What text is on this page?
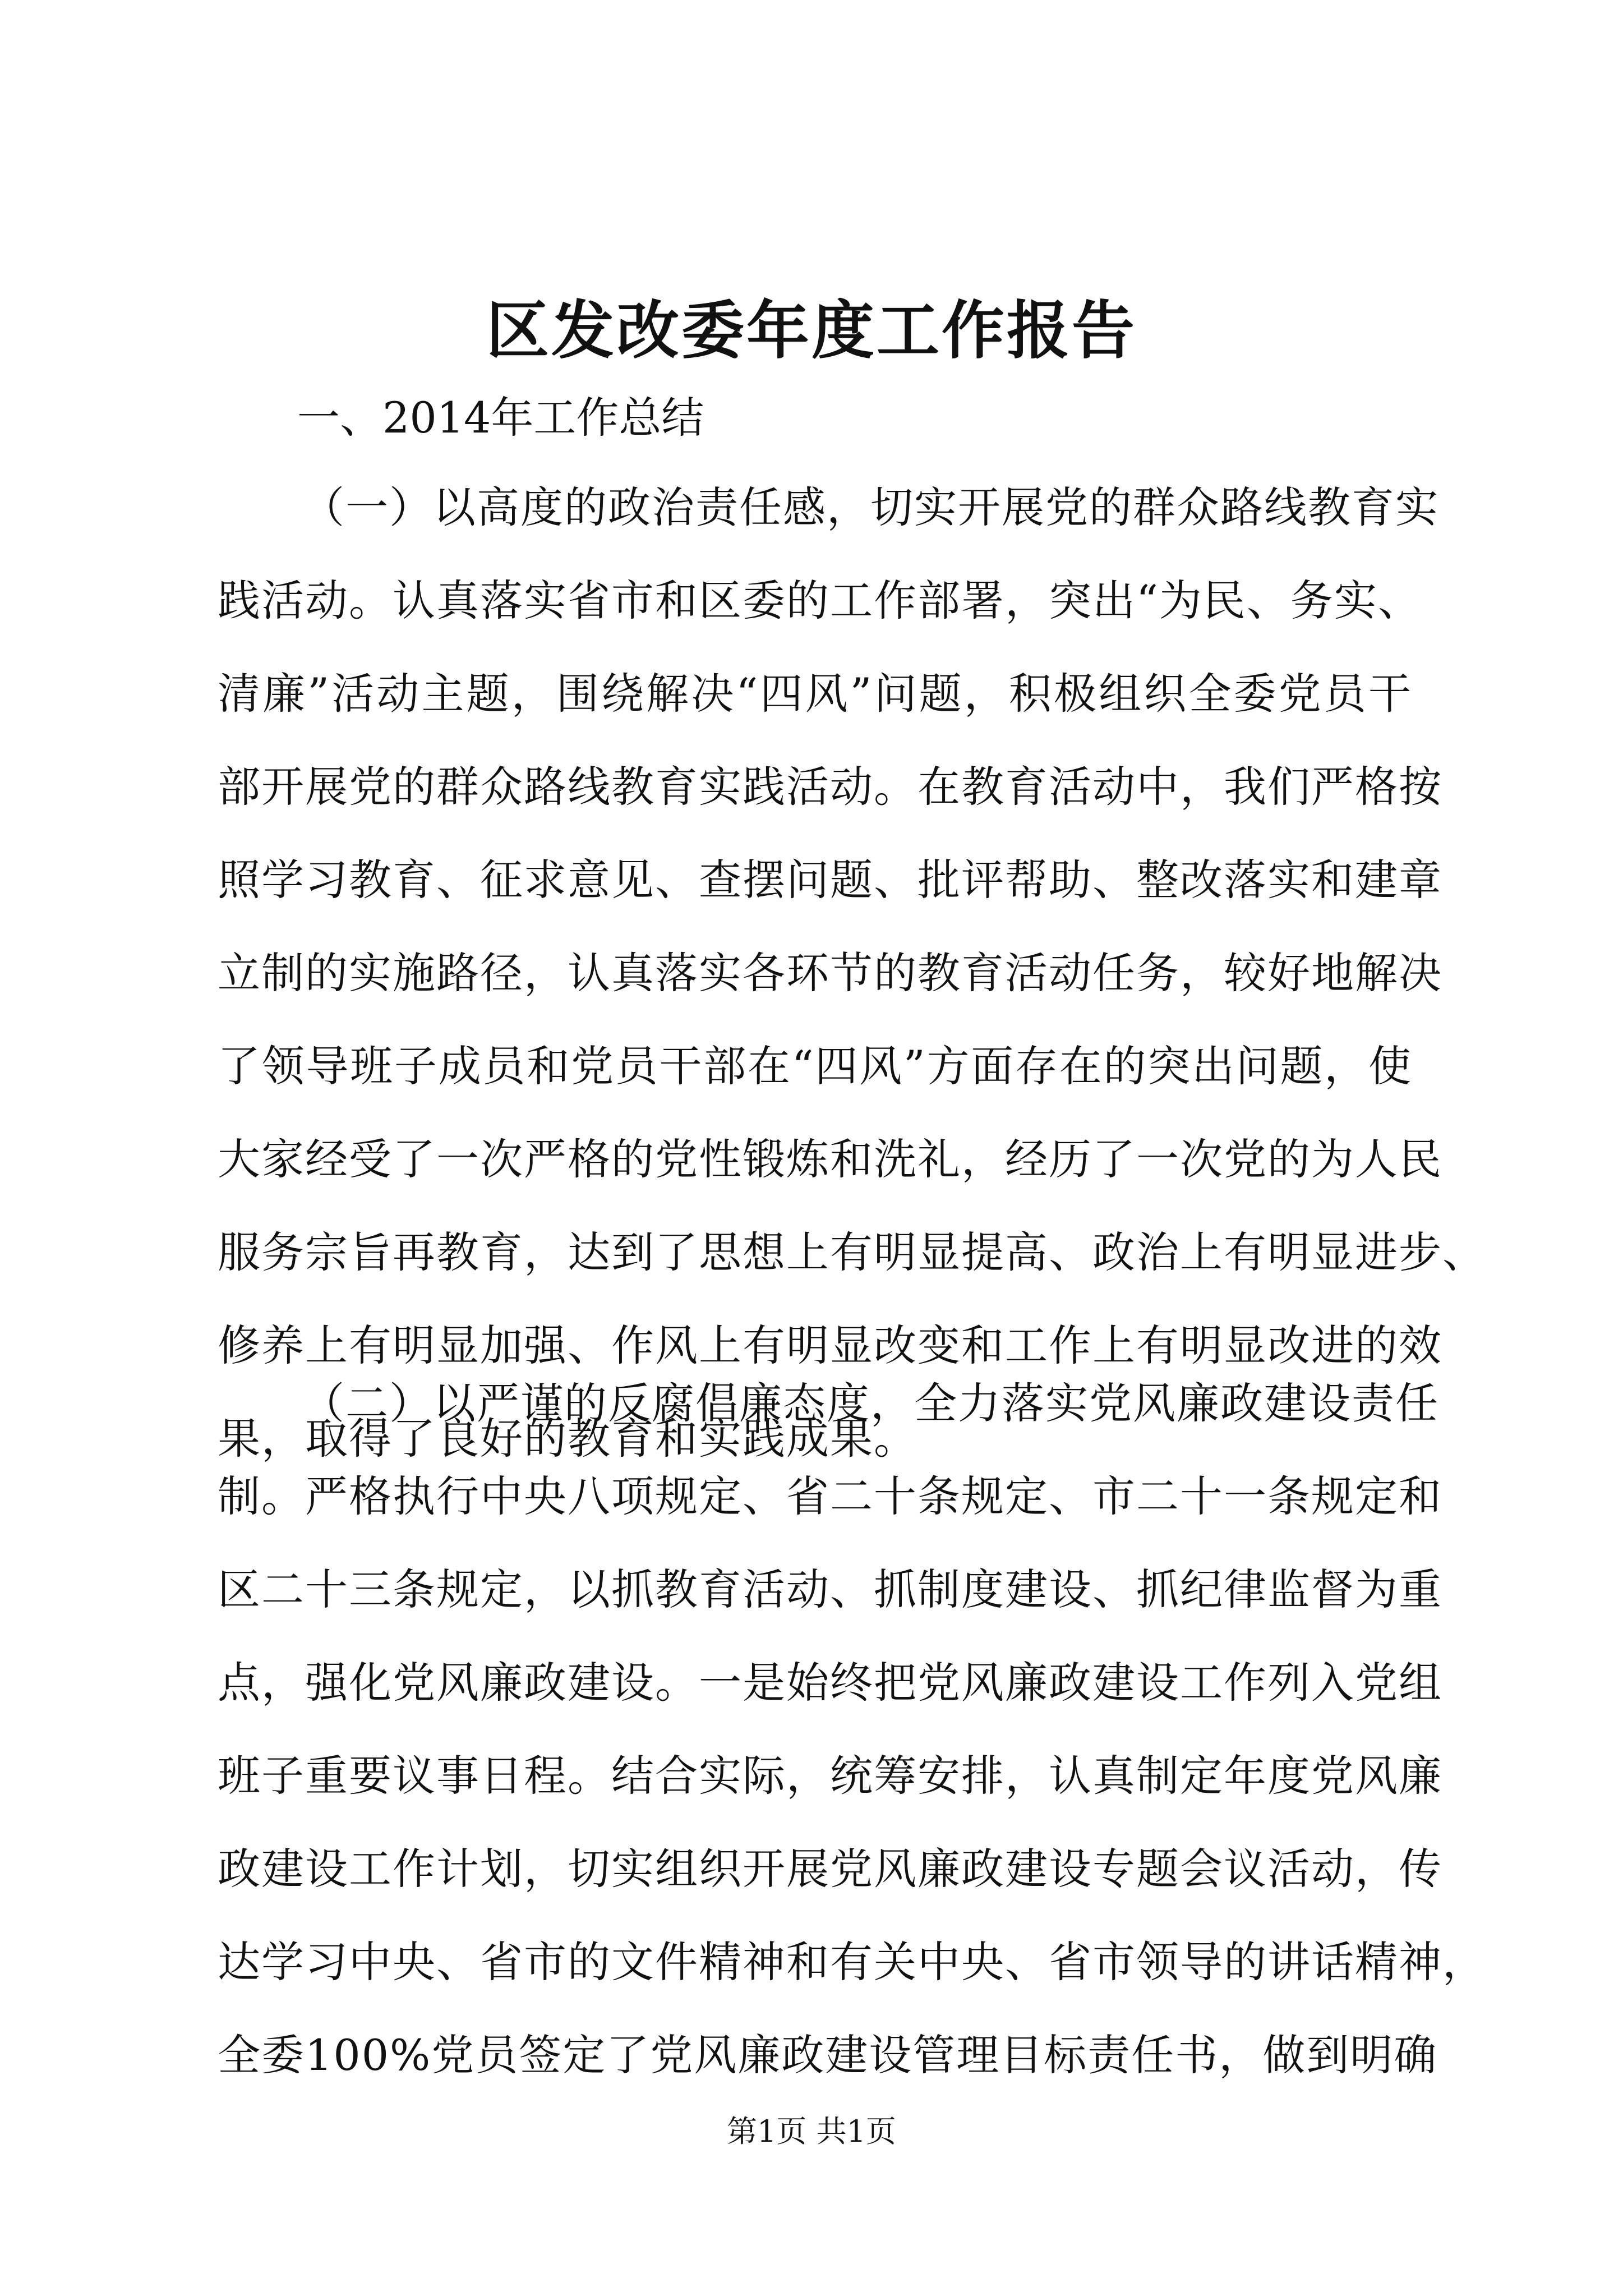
区发改委年度工作报告
一、2014年工作总结
（一）以高度的政治责任感，切实开展党的群众路线教育实
践活动。认真落实省市和区委的工作部署，突出“为民、务实、
清廉”活动主题，围绕解决“四风”问题，积极组织全委党员干
部开展党的群众路线教育实践活动。在教育活动中，我们严格按
照学习教育、征求意见、查摆问题、批评帮助、整改落实和建章
立制的实施路径，认真落实各环节的教育活动任务，较好地解决
了领导班子成员和党员干部在“四风”方面存在的突出问题，使
大家经受了一次严格的党性锻炼和洗礼，经历了一次党的为人民
服务宗旨再教育，达到了思想上有明显提高、政治上有明显进步、
修养上有明显加强、作风上有明显改变和工作上有明显改进的效
果，取得了良好的教育和实践成果。
（二）以严谨的反腐倡廉态度，全力落实党风廉政建设责任
制。严格执行中央八项规定、省二十条规定、市二十一条规定和
区二十三条规定，以抓教育活动、抓制度建设、抓纪律监督为重
点，强化党风廉政建设。一是始终把党风廉政建设工作列入党组
班子重要议事日程。结合实际，统筹安排，认真制定年度党风廉
政建设工作计划，切实组织开展党风廉政建设专题会议活动，传
达学习中央、省市的文件精神和有关中央、省市领导的讲话精神，
全委100%党员签定了党风廉政建设管理目标责任书，做到明确
第1页 共1页
